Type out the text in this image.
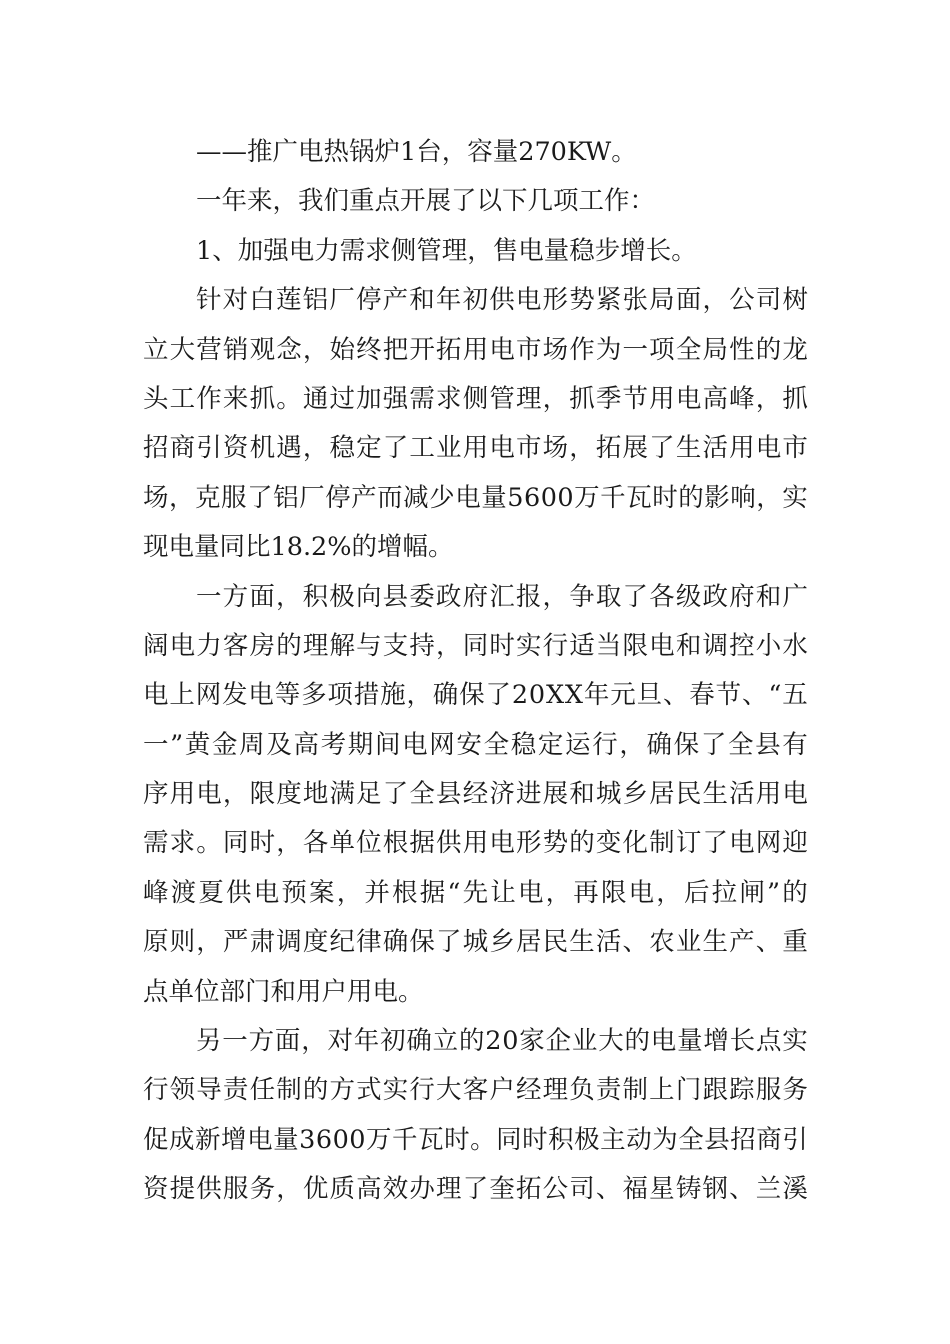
——推广电热锅炉1台，容量270KW。
一年来，我们重点开展了以下几项工作：
1、加强电力需求侧管理，售电量稳步增长。
针 对 白 莲 铝 厂 停 产 和 年 初 供 电 形 势 紧 张 局 面 ， 公 司 树
立 大 营 销 观 念 ， 始 终 把 开 拓 用 电 市 场 作 为 一 项 全 局 性 的 龙
头 工 作 来 抓 。 通 过 加 强 需 求 侧 管 理 ， 抓 季 节 用 电 高 峰 ， 抓
招 商 引 资 机 遇 ， 稳 定 了 工 业 用 电 市 场 ， 拓 展 了 生 活 用 电 市
场 ， 克 服 了 铝 厂 停 产 而 减 少 电 量 5 6 0 0 万 千 瓦 时 的 影 响 ， 实
现电量同比18.2%的增幅。
一 方 面 ， 积 极 向 县 委 政 府 汇 报 ， 争 取 了 各 级 政 府 和 广
阔 电 力 客 房 的 理 解 与 支 持 ， 同 时 实 行 适 当 限 电 和 调 控 小 水
电 上 网 发 电 等 多 项 措 施 ， 确 保 了 2 0 X X 年 元 旦 、 春 节 、 “ 五
一 ” 黄 金 周 及 高 考 期 间 电 网 安 全 稳 定 运 行 ， 确 保 了 全 县 有
序 用 电 ， 限 度 地 满 足 了 全 县 经 济 进 展 和 城 乡 居 民 生 活 用 电
需 求 。 同 时 ， 各 单 位 根 据 供 用 电 形 势 的 变 化 制 订 了 电 网 迎
峰 渡 夏 供 电 预 案 ， 并 根 据 “ 先 让 电 ， 再 限 电 ， 后 拉 闸 ” 的
原 则 ， 严 肃 调 度 纪 律 确 保 了 城 乡 居 民 生 活 、 农 业 生 产 、 重
点单位部门和用户用电。
另 一 方 面 ， 对 年 初 确 立 的 2 0 家 企 业 大 的 电 量 增 长 点 实
行 领 导 责 任 制 的 方 式 实 行 大 客 户 经 理 负 责 制 上 门 跟 踪 服 务
促 成 新 增 电 量 3 6 0 0 万 千 瓦 时 。 同 时 积 极 主 动 为 全 县 招 商 引
资 提 供 服 务 ， 优 质 高 效 办 理 了 奎 拓 公 司 、 福 星 铸 钢 、 兰 溪
